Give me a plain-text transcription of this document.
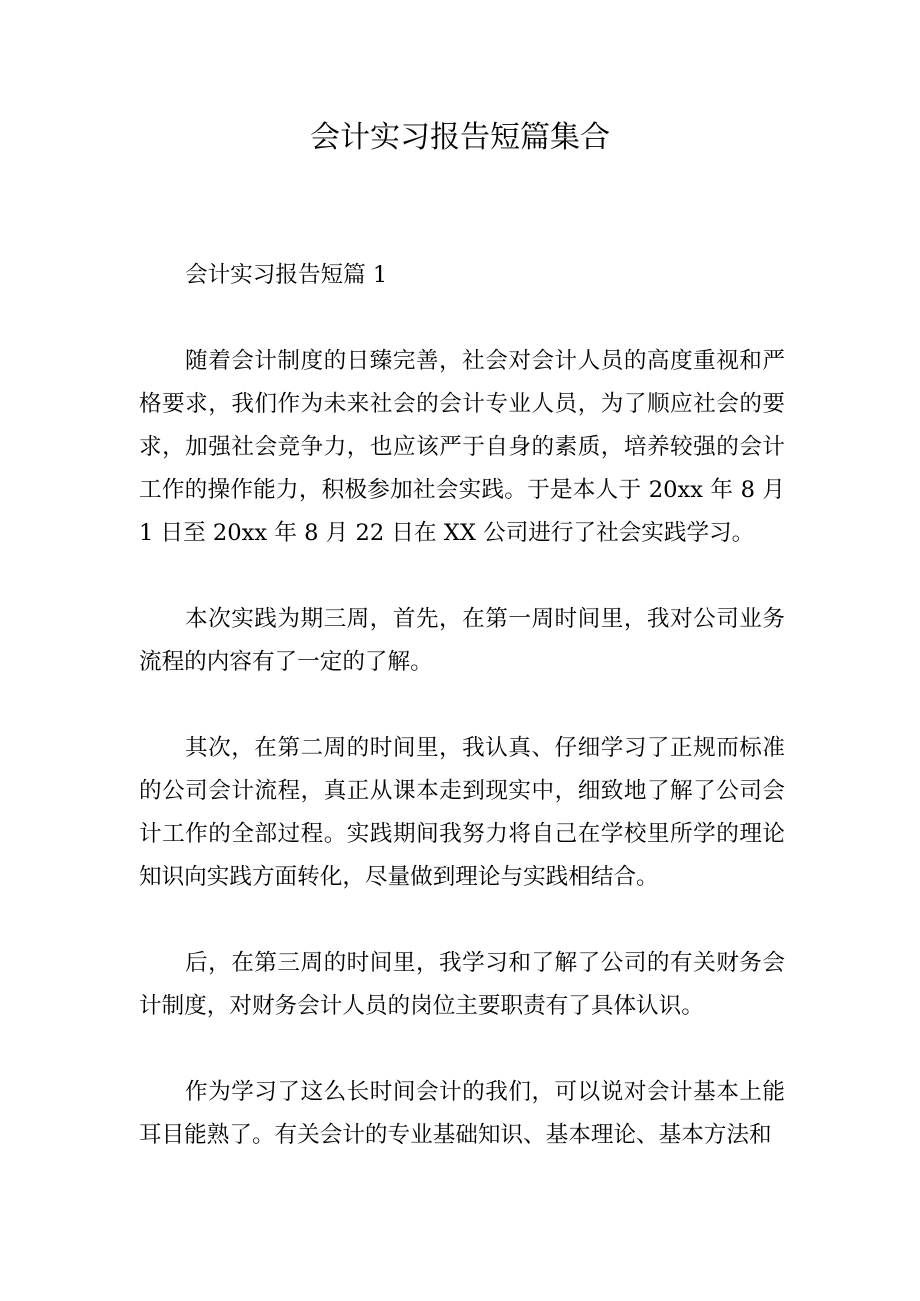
会计实习报告短篇集合

会计实习报告短篇 1

随着会计制度的日臻完善，社会对会计人员的高度重视和严格要求，我们作为未来社会的会计专业人员，为了顺应社会的要求，加强社会竞争力，也应该严于自身的素质，培养较强的会计工作的操作能力，积极参加社会实践。于是本人于 20xx 年 8 月 1 日至 20xx 年 8 月 22 日在 XX 公司进行了社会实践学习。

本次实践为期三周，首先，在第一周时间里，我对公司业务流程的内容有了一定的了解。

其次，在第二周的时间里，我认真、仔细学习了正规而标准的公司会计流程，真正从课本走到现实中，细致地了解了公司会计工作的全部过程。实践期间我努力将自己在学校里所学的理论知识向实践方面转化，尽量做到理论与实践相结合。

后，在第三周的时间里，我学习和了解了公司的有关财务会计制度，对财务会计人员的岗位主要职责有了具体认识。

作为学习了这么长时间会计的我们，可以说对会计基本上能耳目能熟了。有关会计的专业基础知识、基本理论、基本方法和
